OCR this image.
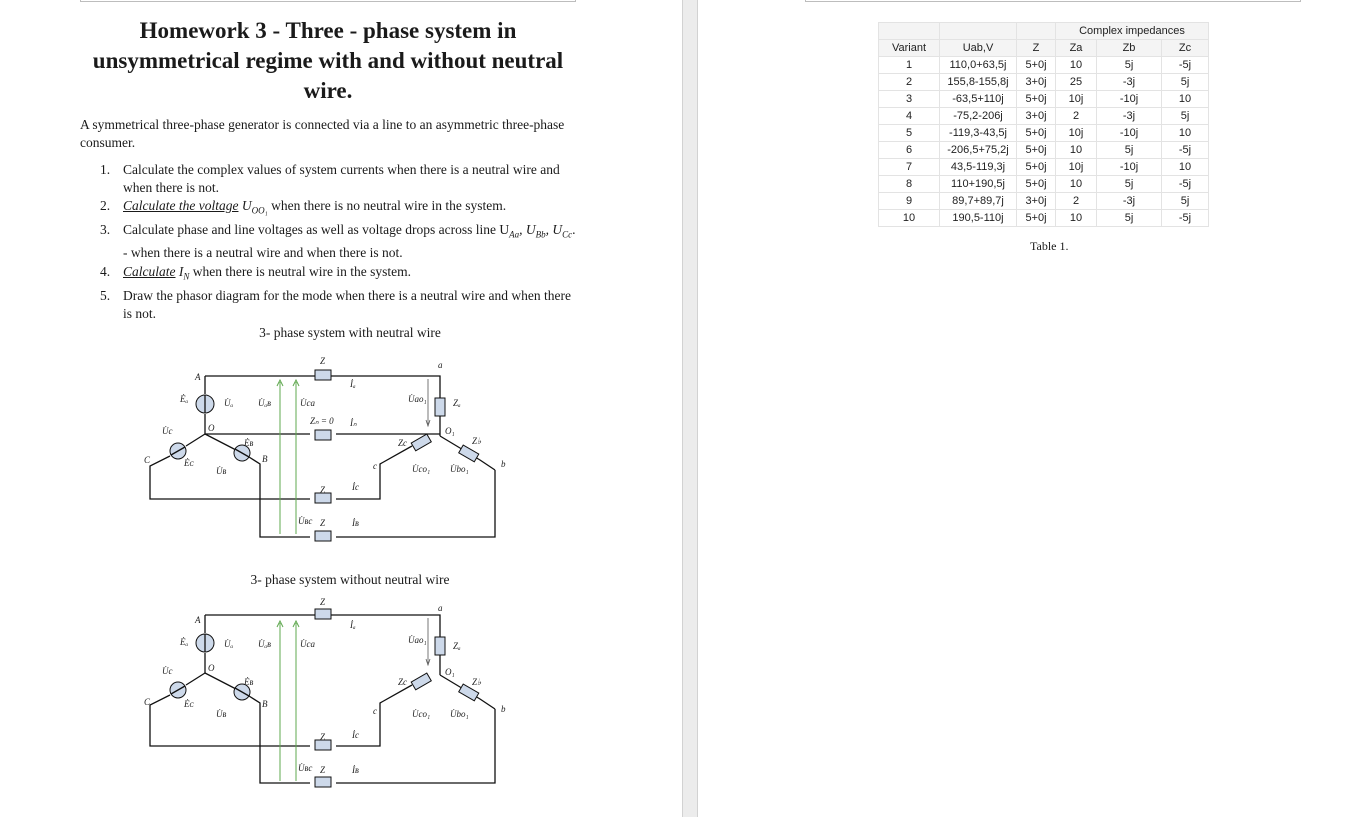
Homework 3 - Three - phase system in unsymmetrical regime with and without neutral wire.

A symmetrical three-phase generator is connected via a line to an asymmetric three-phase consumer.

1. Calculate the complex values of system currents when there is a neutral wire and when there is not.
2. Calculate the voltage $U_{OO_1}$ when there is no neutral wire in the system.
3. Calculate phase and line voltages as well as voltage drops across line $U_{Aa}$, $U_{Bb}$, $U_{Cc}$. - when there is a neutral wire and when there is not.
4. Calculate $I_N$ when there is neutral wire in the system.
5. Draw the phasor diagram for the mode when there is a neutral wire and when there is not.
3- phase system with neutral wire
Z	a
A
İₐ
Ėₐ	U̇ₐ	U̇ₐʙ	U̇ca	U̇ao₁	Zₐ
Zₙ = 0 İₙ
O	O₁
U̇c
Ėʙ	Zc	Z♭
C	B
Ėᴄ
U̇ʙ	c	U̇co₁ U̇bo₁	b
Z	İc
U̇ʙc Z	İʙ
3- phase system without neutral wire
Z
a
A	İₐ
Ėₐ	U̇ₐ	U̇ₐʙ	U̇ca	U̇ao₁
Zₐ
O	O₁
U̇c
Ėʙ	Zc	Z♭
C	B
Ėᴄ
U̇ʙ	c	U̇co₁ U̇bo₁	b
Z	İc
U̇ʙc Z	İʙ
			Complex impedances		
Variant	Uab,V	Z	Za	Zb	Zc
1	110,0+63,5j	5+0j	10	5j	-5j
2	155,8-155,8j	3+0j	25	-3j	5j
3	-63,5+110j	5+0j	10j	-10j	10
4	-75,2-206j	3+0j	2	-3j	5j
5	-119,3-43,5j	5+0j	10j	-10j	10
6	-206,5+75,2j	5+0j	10	5j	-5j
7	43,5-119,3j	5+0j	10j	-10j	10
8	110+190,5j	5+0j	10	5j	-5j
9	89,7+89,7j	3+0j	2	-3j	5j
10	190,5-110j	5+0j	10	5j	-5j
Table 1.
